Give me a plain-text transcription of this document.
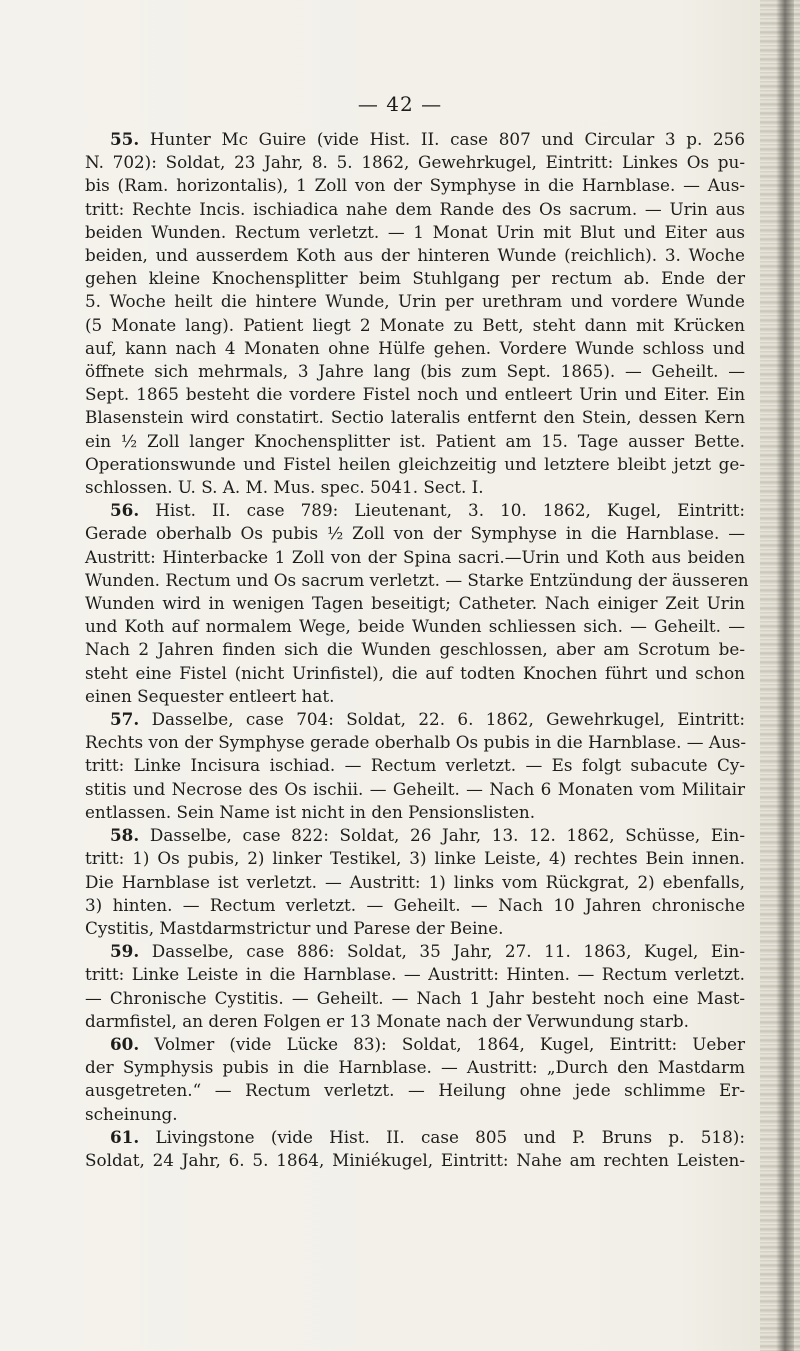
— 42 —
55. Hunter Mc Guire (vide Hist. II. case 807 und Circular 3 p. 256
N. 702): Soldat, 23 Jahr, 8. 5. 1862, Gewehrkugel, Eintritt: Linkes Os pu-
bis (Ram. horizontalis), 1 Zoll von der Symphyse in die Harnblase. — Aus-
tritt: Rechte Incis. ischiadica nahe dem Rande des Os sacrum. — Urin aus
beiden Wunden. Rectum verletzt. — 1 Monat Urin mit Blut und Eiter aus
beiden, und ausserdem Koth aus der hinteren Wunde (reichlich). 3. Woche
gehen kleine Knochensplitter beim Stuhlgang per rectum ab. Ende der
5. Woche heilt die hintere Wunde, Urin per urethram und vordere Wunde
(5 Monate lang). Patient liegt 2 Monate zu Bett, steht dann mit Krücken
auf, kann nach 4 Monaten ohne Hülfe gehen. Vordere Wunde schloss und
öffnete sich mehrmals, 3 Jahre lang (bis zum Sept. 1865). — Geheilt. —
Sept. 1865 besteht die vordere Fistel noch und entleert Urin und Eiter. Ein
Blasenstein wird constatirt. Sectio lateralis entfernt den Stein, dessen Kern
ein ½ Zoll langer Knochensplitter ist. Patient am 15. Tage ausser Bette.
Operationswunde und Fistel heilen gleichzeitig und letztere bleibt jetzt ge-
schlossen. U. S. A. M. Mus. spec. 5041. Sect. I.
56. Hist. II. case 789: Lieutenant, 3. 10. 1862, Kugel, Eintritt:
Gerade oberhalb Os pubis ½ Zoll von der Symphyse in die Harnblase. —
Austritt: Hinterbacke 1 Zoll von der Spina sacri.—Urin und Koth aus beiden
Wunden. Rectum und Os sacrum verletzt. — Starke Entzündung der äusseren
Wunden wird in wenigen Tagen beseitigt; Catheter. Nach einiger Zeit Urin
und Koth auf normalem Wege, beide Wunden schliessen sich. — Geheilt. —
Nach 2 Jahren finden sich die Wunden geschlossen, aber am Scrotum be-
steht eine Fistel (nicht Urinfistel), die auf todten Knochen führt und schon
einen Sequester entleert hat.
57. Dasselbe, case 704: Soldat, 22. 6. 1862, Gewehrkugel, Eintritt:
Rechts von der Symphyse gerade oberhalb Os pubis in die Harnblase. — Aus-
tritt: Linke Incisura ischiad. — Rectum verletzt. — Es folgt subacute Cy-
stitis und Necrose des Os ischii. — Geheilt. — Nach 6 Monaten vom Militair
entlassen. Sein Name ist nicht in den Pensionslisten.
58. Dasselbe, case 822: Soldat, 26 Jahr, 13. 12. 1862, Schüsse, Ein-
tritt: 1) Os pubis, 2) linker Testikel, 3) linke Leiste, 4) rechtes Bein innen.
Die Harnblase ist verletzt. — Austritt: 1) links vom Rückgrat, 2) ebenfalls,
3) hinten. — Rectum verletzt. — Geheilt. — Nach 10 Jahren chronische
Cystitis, Mastdarmstrictur und Parese der Beine.
59. Dasselbe, case 886: Soldat, 35 Jahr, 27. 11. 1863, Kugel, Ein-
tritt: Linke Leiste in die Harnblase. — Austritt: Hinten. — Rectum verletzt.
— Chronische Cystitis. — Geheilt. — Nach 1 Jahr besteht noch eine Mast-
darmfistel, an deren Folgen er 13 Monate nach der Verwundung starb.
60. Volmer (vide Lücke 83): Soldat, 1864, Kugel, Eintritt: Ueber
der Symphysis pubis in die Harnblase. — Austritt: „Durch den Mastdarm
ausgetreten.“ — Rectum verletzt. — Heilung ohne jede schlimme Er-
scheinung.
61. Livingstone (vide Hist. II. case 805 und P. Bruns p. 518):
Soldat, 24 Jahr, 6. 5. 1864, Miniékugel, Eintritt: Nahe am rechten Leisten-
